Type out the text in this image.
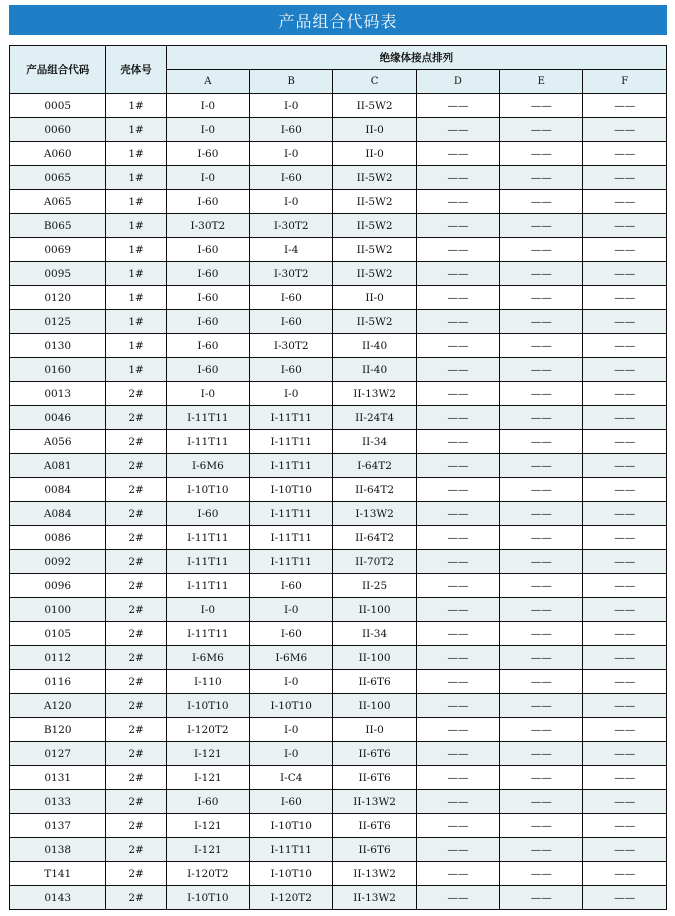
产品组合代码表
产品组合代码	壳体号	绝缘体接点排列					
		A	B	C	D	E	F
0005	1#	I-0	I-0	II-5W2	——	——	——
0060	1#	I-0	I-60	II-0	——	——	——
A060	1#	I-60	I-0	II-0	——	——	——
0065	1#	I-0	I-60	II-5W2	——	——	——
A065	1#	I-60	I-0	II-5W2	——	——	——
B065	1#	I-30T2	I-30T2	II-5W2	——	——	——
0069	1#	I-60	I-4	II-5W2	——	——	——
0095	1#	I-60	I-30T2	II-5W2	——	——	——
0120	1#	I-60	I-60	II-0	——	——	——
0125	1#	I-60	I-60	II-5W2	——	——	——
0130	1#	I-60	I-30T2	II-40	——	——	——
0160	1#	I-60	I-60	II-40	——	——	——
0013	2#	I-0	I-0	II-13W2	——	——	——
0046	2#	I-11T11	I-11T11	II-24T4	——	——	——
A056	2#	I-11T11	I-11T11	II-34	——	——	——
A081	2#	I-6M6	I-11T11	I-64T2	——	——	——
0084	2#	I-10T10	I-10T10	II-64T2	——	——	——
A084	2#	I-60	I-11T11	I-13W2	——	——	——
0086	2#	I-11T11	I-11T11	II-64T2	——	——	——
0092	2#	I-11T11	I-11T11	II-70T2	——	——	——
0096	2#	I-11T11	I-60	II-25	——	——	——
0100	2#	I-0	I-0	II-100	——	——	——
0105	2#	I-11T11	I-60	II-34	——	——	——
0112	2#	I-6M6	I-6M6	II-100	——	——	——
0116	2#	I-110	I-0	II-6T6	——	——	——
A120	2#	I-10T10	I-10T10	II-100	——	——	——
B120	2#	I-120T2	I-0	II-0	——	——	——
0127	2#	I-121	I-0	II-6T6	——	——	——
0131	2#	I-121	I-C4	II-6T6	——	——	——
0133	2#	I-60	I-60	II-13W2	——	——	——
0137	2#	I-121	I-10T10	II-6T6	——	——	——
0138	2#	I-121	I-11T11	II-6T6	——	——	——
T141	2#	I-120T2	I-10T10	II-13W2	——	——	——
0143	2#	I-10T10	I-120T2	II-13W2	——	——	——
